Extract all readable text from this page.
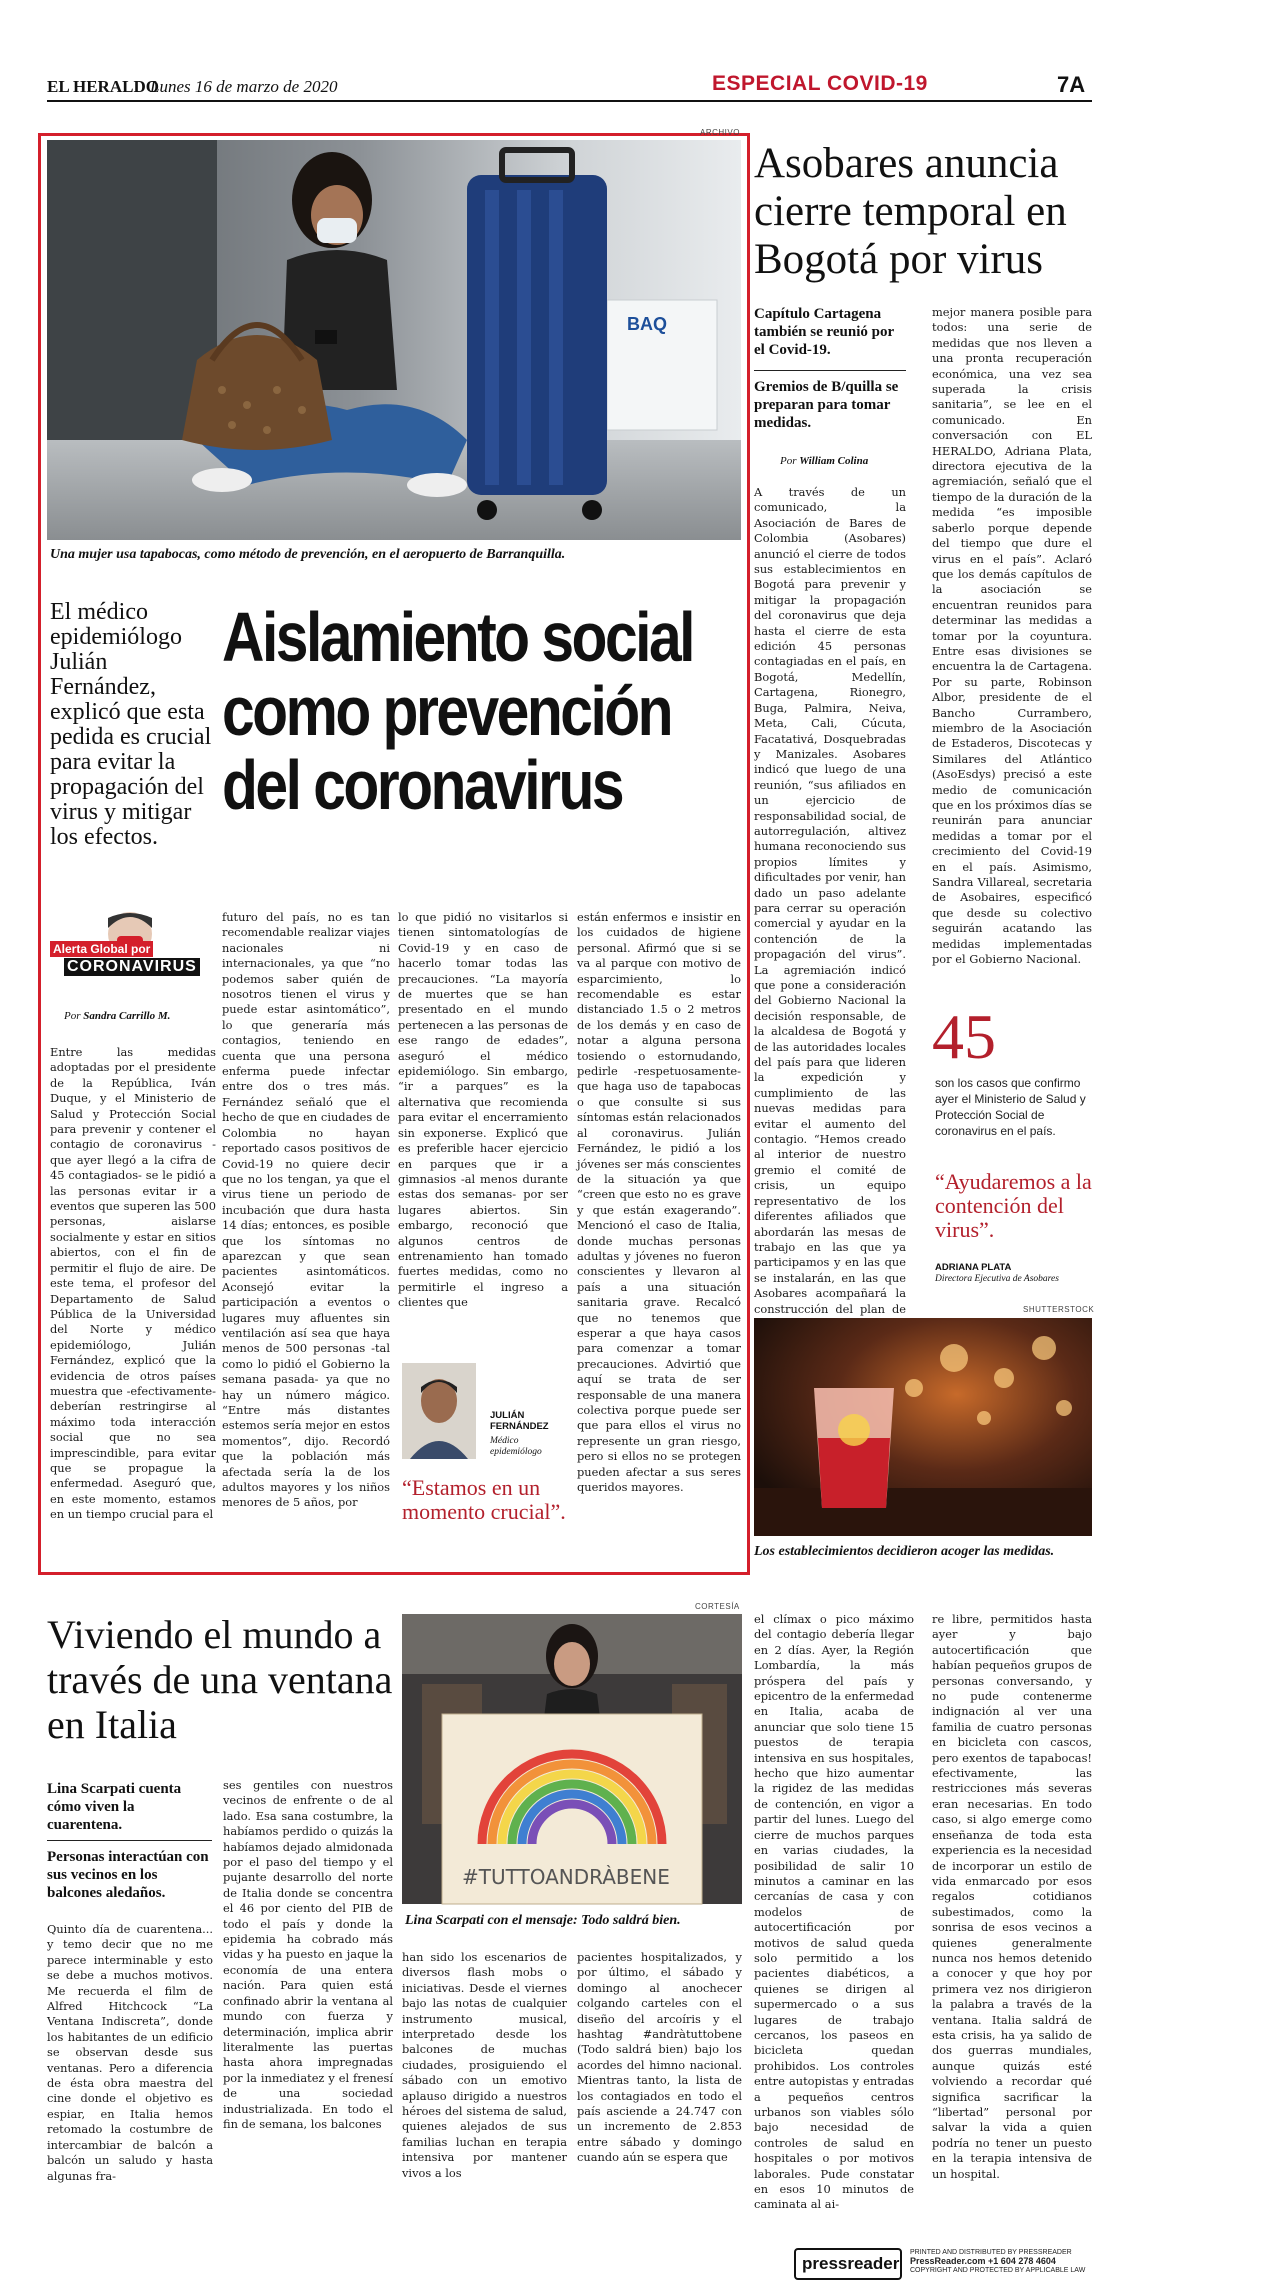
EL HERALDO
Lunes 16 de marzo de 2020	ESPECIAL COVID-19	7A
ARCHIVO
BAQ
Una mujer usa tapabocas, como método de prevención, en el aeropuerto de Barranquilla.
El médico epidemiólogo Julián Fernández, explicó que esta pedida es crucial para evitar la propagación del virus y mitigar los efectos.
Aislamiento social como prevención del coronavirus
Alerta Global por
CORONAVIRUS
Por Sandra Carrillo M.
Entre las medidas adoptadas por el presidente de la República, Iván Duque, y el Ministerio de Salud y Protección Social para prevenir y contener el contagio de coronavirus -que ayer llegó a la cifra de 45 contagiados- se le pidió a las personas evitar ir a eventos que superen las 500 personas, aislarse socialmente y estar en sitios abiertos, con el fin de permitir el flujo de aire. De este tema, el profesor del Departamento de Salud Pública de la Universidad del Norte y médico epidemiólogo, Julián Fernández, explicó que la evidencia de otros países muestra que -efectivamente- deberían restringirse al máximo toda interacción social que no sea imprescindible, para evitar que se propague la enfermedad. Aseguró que, en este momento, estamos en un tiempo crucial para el
futuro del país, no es tan recomendable realizar viajes nacionales ni internacionales, ya que “no podemos saber quién de nosotros tienen el virus y puede estar asintomático”, lo que generaría más contagios, teniendo en cuenta que una persona enferma puede infectar entre dos o tres más. Fernández señaló que el hecho de que en ciudades de Colombia no hayan reportado casos positivos de Covid-19 no quiere decir que no los tengan, ya que el virus tiene un periodo de incubación que dura hasta 14 días; entonces, es posible que los síntomas no aparezcan y que sean pacientes asintomáticos. Aconsejó evitar la participación a eventos o lugares muy afluentes sin ventilación así sea que haya menos de 500 personas -tal como lo pidió el Gobierno la semana pasada- ya que no hay un número mágico. “Entre más distantes estemos sería mejor en estos momentos”, dijo. Recordó que la población más afectada sería la de los adultos mayores y los niños menores de 5 años, por
lo que pidió no visitarlos si tienen sintomatologías de Covid-19 y en caso de hacerlo tomar todas las precauciones. “La mayoría de muertes que se han presentado en el mundo pertenecen a las personas de ese rango de edades”, aseguró el médico epidemiólogo. Sin embargo, “ir a parques” es la alternativa que recomienda para evitar el encerramiento sin exponerse. Explicó que es preferible hacer ejercicio en parques que ir a gimnasios -al menos durante estas dos semanas- por ser lugares abiertos. Sin embargo, reconoció que algunos centros de entrenamiento han tomado fuertes medidas, como no permitirle el ingreso a clientes que
están enfermos e insistir en los cuidados de higiene personal. Afirmó que si se va al parque con motivo de esparcimiento, lo recomendable es estar distanciado 1.5 o 2 metros de los demás y en caso de notar a alguna persona tosiendo o estornudando, pedirle -respetuosamente- que haga uso de tapabocas o que consulte si sus síntomas están relacionados al coronavirus. Julián Fernández, le pidió a los jóvenes ser más conscientes de la situación ya que “creen que esto no es grave y que están exagerando”. Mencionó el caso de Italia, donde muchas personas adultas y jóvenes no fueron conscientes y llevaron al país a una situación sanitaria grave. Recalcó que no tenemos que esperar a que haya casos para comenzar a tomar precauciones. Advirtió que aquí se trata de ser responsable de una manera colectiva porque puede ser que para ellos el virus no represente un gran riesgo, pero si ellos no se protegen pueden afectar a sus seres queridos mayores.
JULIÁN FERNÁNDEZ
Médico epidemiólogo
“Estamos en un momento crucial”.
Asobares anuncia cierre temporal en Bogotá por virus
Capítulo Cartagena también se reunió por el Covid-19.
Gremios de B/quilla se preparan para tomar medidas.
Por William Colina
A través de un comunicado, la Asociación de Bares de Colombia (Asobares) anunció el cierre de todos sus establecimientos en Bogotá para prevenir y mitigar la propagación del coronavirus que deja hasta el cierre de esta edición 45 personas contagiadas en el país, en Bogotá, Medellín, Cartagena, Rionegro, Buga, Palmira, Neiva, Meta, Cali, Cúcuta, Facatativá, Dosquebradas y Manizales. Asobares indicó que luego de una reunión, “sus afiliados en un ejercicio de responsabilidad social, de autorregulación, altivez humana reconociendo sus propios límites y dificultades por venir, han dado un paso adelante para cerrar su operación comercial y ayudar en la contención de la propagación del virus”. La agremiación indicó que pone a consideración del Gobierno Nacional la decisión responsable, de la alcaldesa de Bogotá y de las autoridades locales del país para que lideren la expedición y cumplimiento de las nuevas medidas para evitar el aumento del contagio. “Hemos creado al interior de nuestro gremio el comité de crisis, un equipo representativo de los diferentes afiliados que abordarán las mesas de trabajo en las que ya participamos y en las que se instalarán, en las que Asobares acompañará la construcción del plan de
mejor manera posible para todos: una serie de medidas que nos lleven a una pronta recuperación económica, una vez sea superada la crisis sanitaria”, se lee en el comunicado. En conversación con EL HERALDO, Adriana Plata, directora ejecutiva de la agremiación, señaló que el tiempo de la duración de la medida “es imposible saberlo porque depende del tiempo que dure el virus en el país”. Aclaró que los demás capítulos de la asociación se encuentran reunidos para determinar las medidas a tomar por la coyuntura. Entre esas divisiones se encuentra la de Cartagena. Por su parte, Robinson Albor, presidente de el Bancho Currambero, miembro de la Asociación de Estaderos, Discotecas y Similares del Atlántico (AsoEsdys) precisó a este medio de comunicación que en los próximos días se reunirán para anunciar medidas a tomar por el crecimiento del Covid-19 en el país. Asimismo, Sandra Villareal, secretaria de Asobaires, especificó que desde su colectivo seguirán acatando las medidas implementadas por el Gobierno Nacional.
45
son los casos que confirmo ayer el Ministerio de Salud y Protección Social de coronavirus en el país.
“Ayudaremos a la contención del virus”.
ADRIANA PLATA
Directora Ejecutiva de Asobares
SHUTTERSTOCK
Los establecimientos decidieron acoger las medidas.
Viviendo el mundo a través de una ventana en Italia
Lina Scarpati cuenta cómo viven la cuarentena.
Personas interactúan con sus vecinos en los balcones aledaños.
Quinto día de cuarentena... y temo decir que no me parece interminable y esto se debe a muchos motivos. Me recuerda el film de Alfred Hitchcock “La Ventana Indiscreta”, donde los habitantes de un edificio se observan desde sus ventanas. Pero a diferencia de ésta obra maestra del cine donde el objetivo es espiar, en Italia hemos retomado la costumbre de intercambiar de balcón a balcón un saludo y hasta algunas fra-
ses gentiles con nuestros vecinos de enfrente o de al lado. Esa sana costumbre, la habíamos perdido o quizás la habíamos dejado almidonada por el paso del tiempo y el pujante desarrollo del norte de Italia donde se concentra el 46 por ciento del PIB de todo el país y donde la epidemia ha cobrado más vidas y ha puesto en jaque la economía de una entera nación. Para quien está confinado abrir la ventana al mundo con fuerza y determinación, implica abrir literalmente las puertas hasta ahora impregnadas por la inmediatez y el frenesí de una sociedad industrializada. En todo el fin de semana, los balcones
CORTESÍA
#TUTTOANDRÀBENE
Lina Scarpati con el mensaje: Todo saldrá bien.
han sido los escenarios de diversos flash mobs o iniciativas. Desde el viernes bajo las notas de cualquier instrumento musical, interpretado desde los balcones de muchas ciudades, prosiguiendo el sábado con un emotivo aplauso dirigido a nuestros héroes del sistema de salud, quienes alejados de sus familias luchan en terapia intensiva por mantener vivos a los
pacientes hospitalizados, y por último, el sábado y domingo al anochecer colgando carteles con el diseño del arcoíris y el hashtag #andràtuttobene (Todo saldrá bien) bajo los acordes del himno nacional. Mientras tanto, la lista de los contagiados en todo el país asciende a 24.747 con un incremento de 2.853 entre sábado y domingo cuando aún se espera que
el clímax o pico máximo del contagio debería llegar en 2 días. Ayer, la Región Lombardía, la más próspera del país y epicentro de la enfermedad en Italia, acaba de anunciar que solo tiene 15 puestos de terapia intensiva en sus hospitales, hecho que hizo aumentar la rigidez de las medidas de contención, en vigor a partir del lunes. Luego del cierre de muchos parques en varias ciudades, la posibilidad de salir 10 minutos a caminar en las cercanías de casa y con modelos de autocertificación por motivos de salud queda solo permitido a los pacientes diabéticos, a quienes se dirigen al supermercado o a sus lugares de trabajo cercanos, los paseos en bicicleta quedan prohibidos. Los controles entre autopistas y entradas a pequeños centros urbanos son viables sólo bajo necesidad de controles de salud en hospitales o por motivos laborales. Pude constatar en esos 10 minutos de caminata al ai-
re libre, permitidos hasta ayer y bajo autocertificación que habían pequeños grupos de personas conversando, y no pude contenerme indignación al ver una familia de cuatro personas en bicicleta con cascos, pero exentos de tapabocas! efectivamente, las restricciones más severas eran necesarias. En todo caso, si algo emerge como enseñanza de toda esta experiencia es la necesidad de incorporar un estilo de vida enmarcado por esos regalos cotidianos subestimados, como la sonrisa de esos vecinos a quienes generalmente nunca nos hemos detenido a conocer y que hoy por primera vez nos dirigieron la palabra a través de la ventana. Italia saldrá de esta crisis, ha ya salido de dos guerras mundiales, aunque quizás esté volviendo a recordar qué significa sacrificar la “libertad” personal por salvar la vida a quien podría no tener un puesto en la terapia intensiva de un hospital.
pressreader
PRINTED AND DISTRIBUTED BY PRESSREADER
PressReader.com +1 604 278 4604
COPYRIGHT AND PROTECTED BY APPLICABLE LAW
